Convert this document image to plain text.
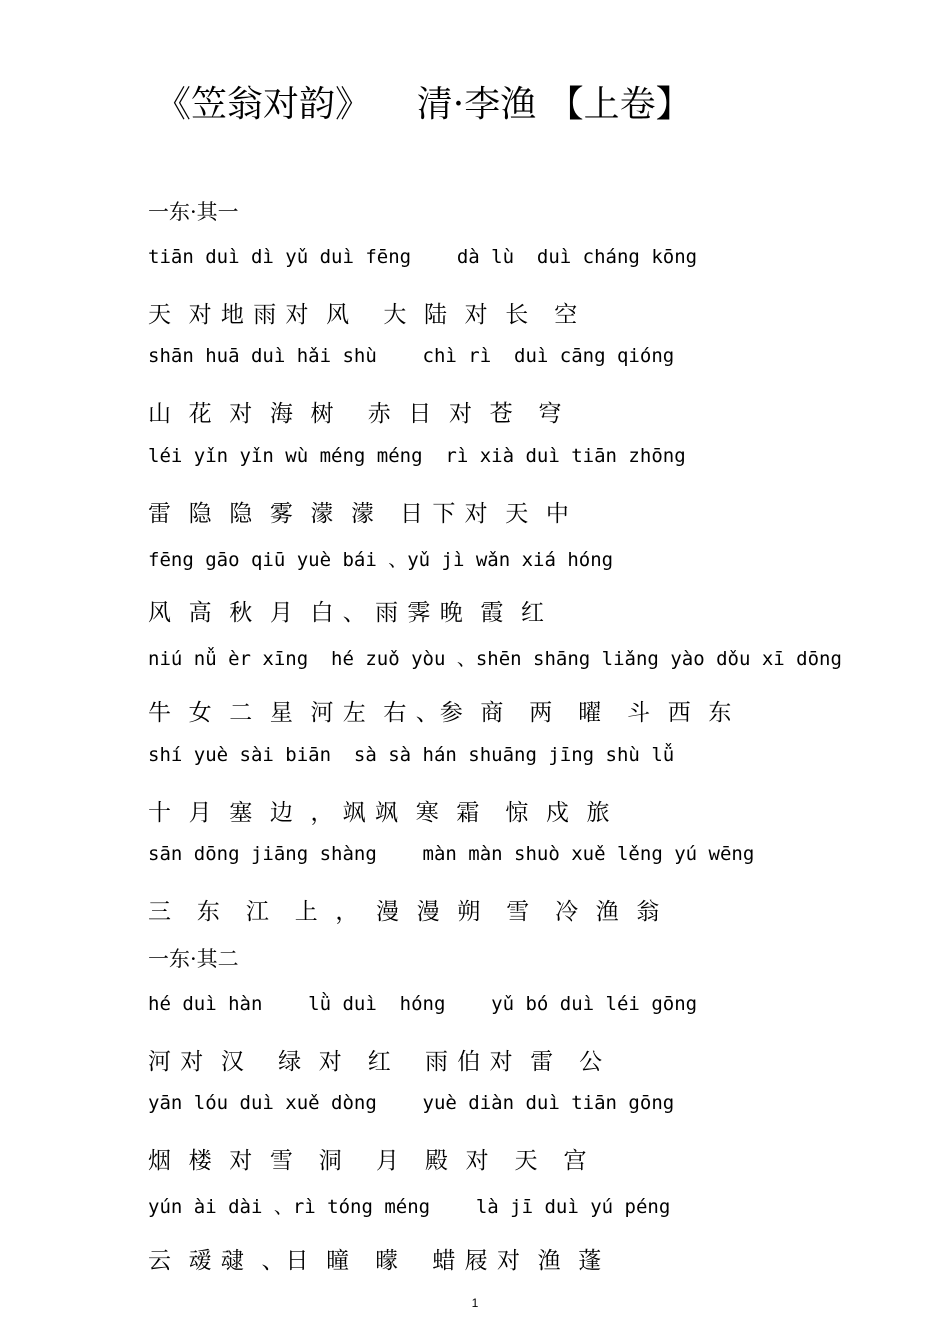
《笠翁对韵》    清·李渔 【上卷】
一东·其一
tiān duì dì yǔ duì fēng    dà lù  duì cháng kōng
天  对 地 雨 对  风    大  陆  对  长   空
shān huā duì hǎi shù    chì rì  duì cāng qióng
山  花  对  海  树    赤  日  对  苍   穹
léi yǐn yǐn wù méng méng  rì xià duì tiān zhōng
雷  隐  隐  雾  濛  濛   日 下 对  天  中
fēng gāo qiū yuè bái 、yǔ jì wǎn xiá hóng
风  高  秋  月  白 、 雨 霁 晚  霞  红
niú nǚ èr xīng  hé zuǒ yòu 、shēn shāng liǎng yào dǒu xī dōng
牛  女  二  星  河 左  右 、参  商   两   曜   斗  西  东
shí yuè sài biān  sà sà hán shuāng jīng shù lǚ
十  月  塞  边  ， 飒 飒  寒  霜   惊  戍  旅
sān dōng jiāng shàng    màn màn shuò xuě lěng yú wēng
三   东   江   上  ，  漫  漫  朔   雪   冷  渔  翁
一东·其二
hé duì hàn    lǜ duì  hóng    yǔ bó duì léi gōng
河 对  汉    绿  对   红    雨 伯 对  雷   公
yān lóu duì xuě dòng    yuè diàn duì tiān gōng
烟  楼  对  雪   洞    月   殿  对   天   宫
yún ài dài 、rì tóng méng    là jī duì yú péng
云  叆 叇  、日  曈   曚    蜡 屐 对  渔  蓬
1
